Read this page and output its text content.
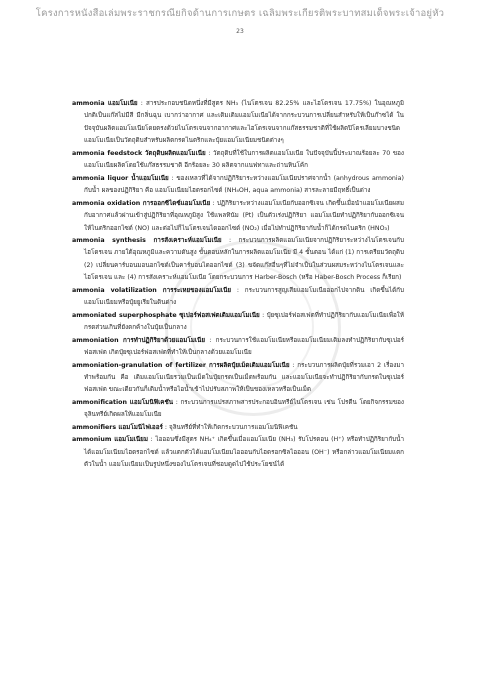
โครงการหนังสือเล่มพระราชกรณียกิจด้านการเกษตร เฉลิมพระเกียรติพระบาทสมเด็จพระเจ้าอยู่หัว
23

ammonia แอมโมเนีย : สารประกอบชนิดหนึ่งที่มีสูตร NH₃ (ไนโตรเจน 82.25% และไฮโดรเจน 17.75%) ในอุณหภูมิปกติเป็นแก๊สไม่มีสี มีกลิ่นฉุน เบากว่าอากาศ และเติมเติมแอมโมเนียได้จากกระบวนการเปลี่ยนสำหรับให้เป็นก๊าซได้ ในปัจจุบันผลิตแอมโมเนียโดยตรงด้วยไนโตรเจนจากอากาศและไฮโดรเจนจากแก๊สธรรมชาติที่ใช้ผลิตปิโตรเลียมบางชนิด แอมโมเนียเป็นวัตถุดิบสำหรับผลิตกรดไนตริกและปุ๋ยแอมโมเนียมชนิดต่างๆ

ammonia feedstock วัตถุดิบผลิตแอมโมเนีย : วัตถุดิบที่ใช้ในการผลิตแอมโมเนีย ในปัจจุบันนี้ประมาณร้อยละ 70 ของแอมโมเนียผลิตโดยใช้แก๊สธรรมชาติ อีกร้อยละ 30 ผลิตจากแนฟทาและถ่านหินโค้ก

ammonia liquor น้ำแอมโมเนีย : ของเหลวที่ได้จากปฏิกิริยาระหว่างแอมโมเนียปราศจากน้ำ (anhydrous ammonia) กับน้ำ ผลของปฏิกิริยา คือ แอมโมเนียมไฮดรอกไซด์ (NH₄OH, aqua ammonia) สารละลายมีฤทธิ์เป็นด่าง

ammonia oxidation การออกซิไดซ์แอมโมเนีย : ปฏิกิริยาระหว่างแอมโมเนียกับออกซิเจน เกิดขึ้นเมื่อนำแอมโมเนียผสมกับอากาศแล้วผ่านเข้าสู่ปฏิกิริยาที่อุณหภูมิสูง ใช้แพลทินัม (Pt) เป็นตัวเร่งปฏิกิริยา แอมโมเนียทำปฏิกิริยากับออกซิเจนให้ไนตริกออกไซด์ (NO) และต่อไปก็ไนโตรเจนไดออกไซด์ (NO₂) เมื่อไปทำปฏิกิริยากับน้ำก็ได้กรดไนตริก (HNO₃)

ammonia synthesis การสังเคราะห์แอมโมเนีย : กระบวนการผลิตแอมโมเนียจากปฏิกิริยาระหว่างไนโตรเจนกับไฮโดรเจน ภายใต้อุณหภูมิและความดันสูง ขั้นตอนหลักในการผลิตแอมโมเนีย มี 4 ขั้นตอน ได้แก่ (1) การเตรียมวัตถุดิบ (2) เปลี่ยนคาร์บอนมอนอกไซด์เป็นคาร์บอนไดออกไซด์ (3) ขจัดแก๊สอื่นๆที่ไม่จำเป็นในส่วนผสมระหว่างไนโตรเจนและไฮโดรเจน และ (4) การสังเคราะห์แอมโมเนีย โดยกระบวนการ Harber-Bosch (หรือ Haber-Bosch Process ก็เรียก)

ammonia volatilization การระเหยของแอมโมเนีย : กระบวนการสูญเสียแอมโมเนียออกไปจากดิน เกิดขึ้นได้กับแอมโมเนียมหรือปุ๋ยยูเรียในดินด่าง

ammoniated superphosphate ซุเปอร์ฟอสเฟตเติมแอมโมเนีย : ปุ๋ยซุเปอร์ฟอสเฟตที่ทำปฏิกิริยากับแอมโมเนียเพื่อให้กรดส่วนเกินที่ยังตกค้างในปุ๋ยเป็นกลาง

ammoniation การทำปฏิกิริยาด้วยแอมโมเนีย : กระบวนการใช้แอมโมเนียหรือแอมโมเนียมเติมลงทำปฏิกิริยากับซุเปอร์ฟอสเฟต เกิดปุ๋ยซุเปอร์ฟอสเฟตที่ทำให้เป็นกลางด้วยแอมโมเนีย

ammoniation-granulation of fertilizer การผลิตปุ๋ยเม็ดเติมแอมโมเนีย : กระบวนการผลิตปุ๋ยที่รวมเอา 2 เรื่องมาทำพร้อมกัน คือ เติมแอมโมเนียรวมเป็นเม็ดในปุ๋ยกรดเป็นเม็ดพร้อมกัน และแอมโมเนียจะทำปฏิกิริยากับกรดในซุเปอร์ฟอสเฟต ขณะเดียวกันก็เติมน้ำหรือไอน้ำเข้าไปปรับสภาพให้เป็นของเหลวหรือเป็นเม็ด

ammonification แอมโมนิฟิเคชัน : กระบวนการแปรสภาพสารประกอบอินทรีย์ไนโตรเจน เช่น โปรตีน โดยกิจกรรมของจุลินทรีย์เกิดผลให้แอมโมเนีย

ammonifiers แอมโมนิไฟเออร์ : จุลินทรีย์ที่ทำให้เกิดกระบวนการแอมโมนิฟิเคชัน

ammonium แอมโมเนียม : ไอออนซึ่งมีสูตร NH₄⁺ เกิดขึ้นเมื่อแอมโมเนีย (NH₃) รับโปรตอน (H⁺) หรือทำปฏิกิริยากับน้ำได้แอมโมเนียมไฮดรอกไซด์ แล้วแตกตัวได้แอมโมเนียมไอออนกับไฮดรอกซิลไอออน (OH⁻) หรือกล่าวแอมโมเนียมแตกตัวในน้ำ แอมโมเนียมเป็นรูปหนึ่งของไนโตรเจนที่ชอบดูดไปใช้ประโยชน์ได้
